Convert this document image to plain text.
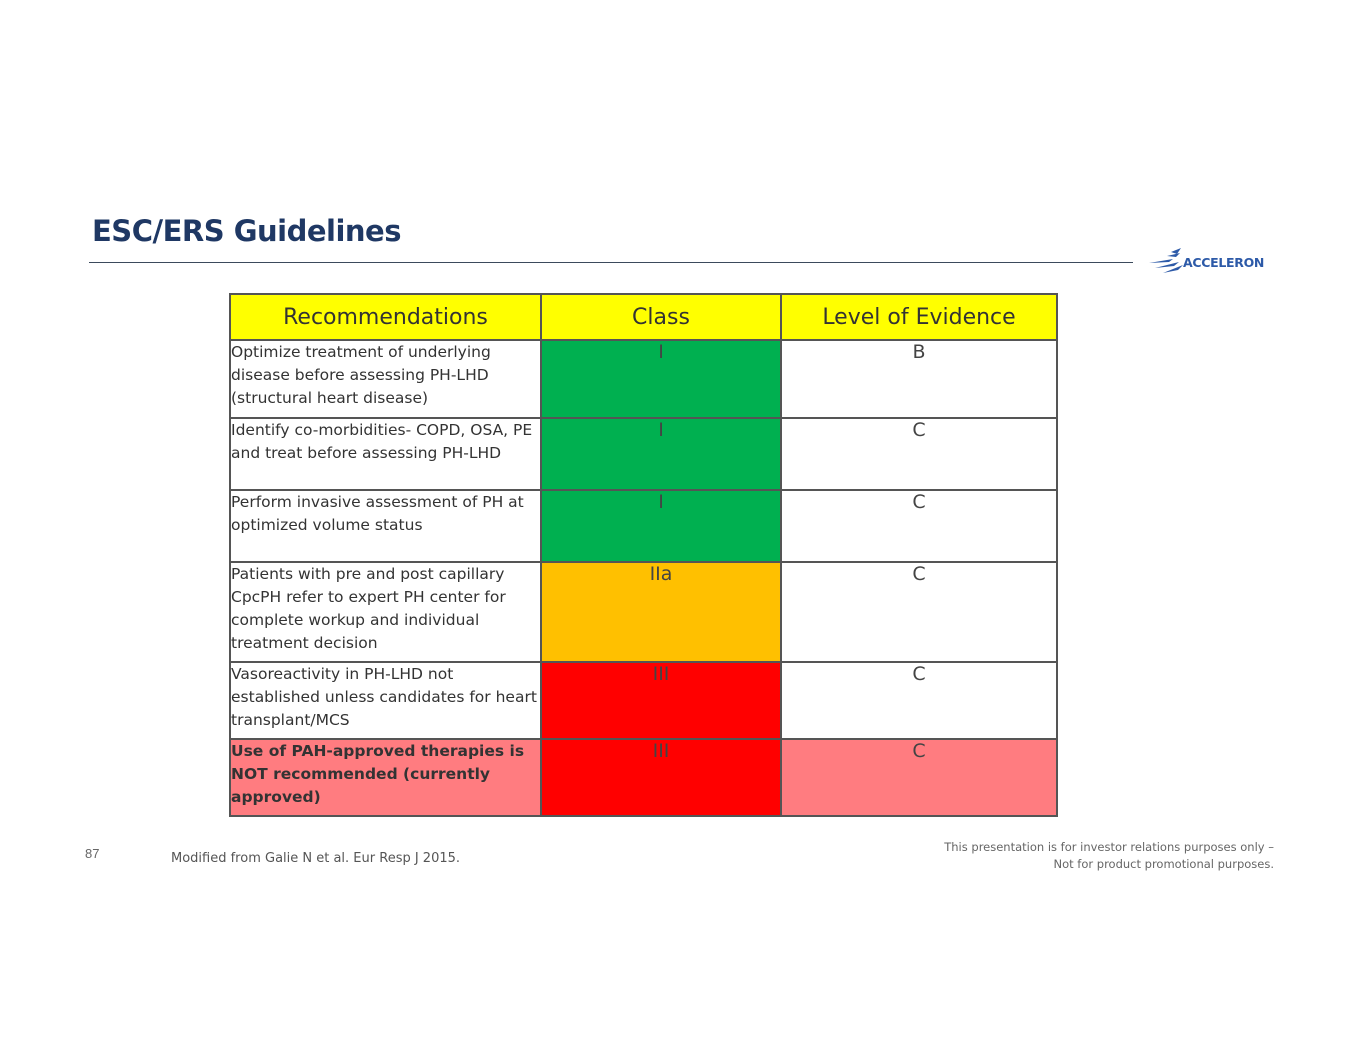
ESC/ERS Guidelines
ACCELERON
Recommendations	Class	Level of Evidence
Optimize treatment of underlying disease before assessing PH-LHD (structural heart disease)	I	B
Identify co-morbidities- COPD, OSA, PE and treat before assessing PH-LHD	I	C
Perform invasive assessment of PH at optimized volume status	I	C
Patients with pre and post capillary CpcPH refer to expert PH center for complete workup and individual treatment decision	IIa	C
Vasoreactivity in PH-LHD not established unless candidates for heart transplant/MCS	III	C
Use of PAH-approved therapies is NOT recommended (currently approved)	III	C
87	Modified from Galie N et al. Eur Resp J 2015.
This presentation is for investor relations purposes only –
Not for product promotional purposes.
